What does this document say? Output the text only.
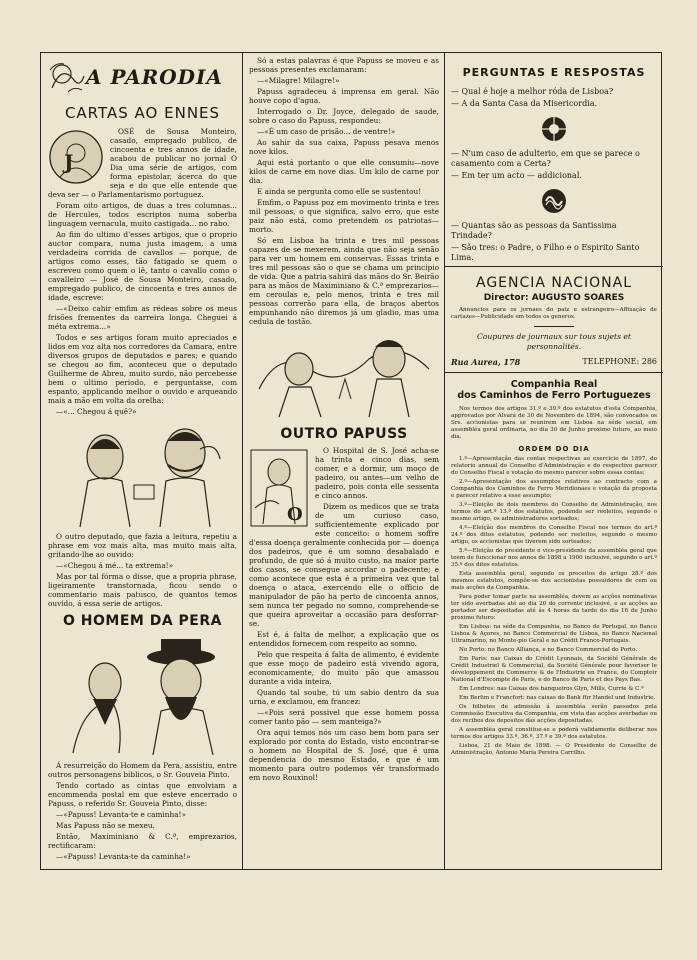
A PARODIA
CARTAS AO ENNES
J

OSÉ de Sousa Monteiro, casado, empregado publico, de cincoenta e tres annos de idade, acabou de publicar no jornal O Dia uma série de artigos, com forma epistolar, ácerca do que seja e do que elle entende que deva ser — o Parlamentarismo portuguez.

Foram oito artigos, de duas a tres columnas... de Hercules, todos escriptos numa soberba linguagem vernacula, muito castigada... no rabo.

Ao fim do ultimo d'esses artigos, que o proprio auctor compara, numa justa imagem, a uma verdadeira corrida de cavallos — porque, de artigos como esses, tão fatigado se quem o escreveu como quem o lê, tanto o cavallo como o cavalleiro — José de Sousa Monteiro, casado, empregado publico, de cincoenta e tres annos de idade, escreve:

—«Deixo cahir emfim as rédeas sobre os meus frisões frementes da carreira longa. Cheguei á méta extrema...»

Todos e ses artigos foram muito apreciados e lidos em voz alta nos corredores da Camara, entre diversos grupos de deputados e pares; e quando se chegou ao fim, aconteceu que o deputado Guilherme de Abreu, muito surdo, não percebesse bem o ultimo periodo, e perguntasse, com espanto, applicando melhor o ouvido e arqueando mais a mão em volta da orelha:

—«... Chegou á quê?»

O outro deputado, que fazia a leitura, repetiu a phrase em voz mais alta, mas muito mais alta, gritando-lhe ao ouvido:

—«Chegou á mé... ta extrema!»

Mas por tal fórma o disse, que a propria phrase, ligeiramente transtornada, ficou sendo o commentario mais patusco, de quantos temos ouvido, á essa serie de artigos.

O HOMEM DA PERA

Á resurreição do Homem da Pera, assistiu, entre outros personagens biblicos, o Sr. Gouveia Pinto.

Tendo cortado as cintas que envolviam a encommenda postal em que esteve encerrado o Papuss, o referido Sr. Gouveia Pinto, disse:

—«Papuss! Levanta-te e caminha!»

Mas Papuss não se mexeu.

Então, Maximiniano & C.ª, emprezarios, rectificaram:

—«Papuss! Levanta-te da caminha!»

Só a estas palavras é que Papuss se moveu e as pessoas presentes exclamaram:

—«Milagre! Milagre!»

Papuss agradeceu á imprensa em geral. Não houve copo d'agua.

Interrogado o Dr. Joyce, delegado de saude, sobre o caso do Papuss, respondeu:

—«É um caso de prisão... de ventre!»

Ao sahir da sua caixa, Papuss pesava menos nove kilos.

Aqui está portanto o que elle consumiu—nove kilos de carne em nove dias. Um kilo de carne por dia.

E ainda se pergunta como elle se sustentou!

Emfim, o Papuss poz em movimento trinta e tres mil pessoas, o que significa, salvo erro, que este paiz não está, como pretendem os patriotas—morto.

Só em Lisboa ha trinta e tres mil pessoas capazes de se mexerem, ainda que não seja senão para ver um homem em conservas. Essas trinta e tres mil pessoas são o que se chama um principio de vida. Que a patria sahirá das mãos do Sr. Beirão para as mãos de Maximiniano & C.ª emprezarios—em ceroulas e, pelo menos, trinta e tres mil pessoas correrão para ella, de braços abertos empunhando não diremos já um gladio, mas uma cedula de tostão.

OUTRO PAPUSS
O

O Hospital de S. José acha-se ha trinta e cinco dias, sem comer, e a dormir, um moço de padeiro, ou antes—um velho de padeiro, pois conta elle sessenta e cinco annos.

Dizem os medicos que se trata de um curioso caso, sufficientemente explicado por este conceito: o homem soffre d'essa doença geralmente conhecida por — doença dos padeiros, que é um somno desabalado e profundo, de que só á muito custo, na maior parte dos casos, se consegue accordar o padecente; e como acontece que esta é a primeira vez que tal doença o ataca, exercendo elle o officio de manipulador de pão ha perto de cincoenta annos, sem nunca ter pegado no somno, comprehende-se que queira aproveitar a occasião para desforrar-se.

Est é, á falta de melhor, a explicação que os entendidos fornecem com respeito ao somno.

Pelo que respeita á falta de alimento, é evidente que esse moço de padeiro está vivendo agora, economicamente, do muito pão que amassou durante a vida inteira.

Quando tal soube, tú um sabio dentro da sua urna, e exclamou, em francez:

—«Pois será possivel que esse homem possa comer tanto pão — sem manteiga?»

Ora aqui temos nós um caso bem bom para ser explorado por conta do Estado, visto encontrar-se o homem no Hospital de S. José, que é uma dependencia do mesmo Estado, e que é um momento para outro podemos vêr transformado em novo Rouxinol!

PERGUNTAS E RESPOSTAS
— Qual é hoje a melhor róda de Lisboa?
— A da Santa Casa da Misericordia.
— N'um caso de adulterio, em que se parece o casamento com a Certa?
— Em ter um acto — addicional.
— Quantas são as pessoas da Santissima Trindade?
— São tres: o Padre, o Filho e o Espirito Santo Lima.
AGENCIA NACIONAL
Director: AUGUSTO SOARES

Annuncios para os jornaes do paiz e estrangeiro—Affixação de cartazes—Publicidade em todos os generos.

Coupures de journaux sur tous sujets et personnalités.
Rua Aurea, 178	TELEPHONE: 286
Companhia Real
dos Caminhos de Ferro Portuguezes

Nos termos dos artigos 31.º e 39.º dos estatutos d'esta Companhia, approvados por Alvará de 30 de Novembro de 1894, são convocados os Srs. accionistas para se reunirem em Lisboa na séde social, em assembléa geral ordinaria, no dia 30 de Junho proximo futuro, ao meio dia.

ORDEM DO DIA

1.º—Apresentação das contas respectivas ao exercicio de 1897, do relatorio annual do Conselho d'Administração e do respectivo parecer do Conselho Fiscal e votação do mesmo parecer sobre essas contas;

2.º—Apresentação dos assumptos relativos ao contracto com a Companhia dos Caminhos de Ferro Meridionaes e votação da proposta e parecer relativo a esse assumpto;

3.º—Eleição de dois membros do Conselho de Administração, nos termos do art.º 13.º dos estatutos, podendo ser reeleitos, segundo o mesmo artigo, os administradores sorteados;

4.º—Eleição dos membros do Conselho Fiscal nos termos do art.º 24.º dos ditos estatutos, podendo ser reeleitos, segundo o mesmo artigo, os accionistas que tiverem sido sorteados;

5.º—Eleição do presidente e vice-presidente da assembléa geral que teem de funccionar nos annos de 1898 a 1900 inclusivé, segundo o art.º 35.º dos ditos estatutos.

Esta assembléa geral, segundo os preceitos do artigo 28.º dos mesmos estatutos, compõe-se dos accionistas possuidores de cem ou mais acções da Companhia.

Para poder tomar parte na assembléa, devem as acções nominativas ter sido averbadas até ao dia 20 do corrente inclusivé, e as acções ao portador ser depositadas até ás 4 horas da tarde do dia 16 de Junho proximo futuro:

Em Lisboa: na séde da Companhia, no Banco de Portugal, no Banco Lisboa & Açores, no Banco Commercial de Lisboa, no Banco Nacional Ultramarino, no Monte-pio Geral e no Crédit Franco-Portugais.

No Porto: no Banco Alliança, e no Banco Commercial do Porto.

Em Paris: nas Caixas do Crédit Lyonnais, da Société Générale de Crédit Industriel & Commercial, da Société Générale pour favoriser le développement du Commerce & de l'Industrie en France, do Comptoir National d'Escompte de Paris, e do Banco de Paris et des Pays Bas.

Em Londres: nas Caixas dos banqueiros Glyn, Mills, Currie & C.ª

Em Berlim e Francfort: nas caixas do Bank für Handel und Industrie.

Os bilhetes de admissão á assembléa serão passados pela Commissão Executiva da Companhia, em vista das acções averbadas ou dos recibos dos depositos das acções depositadas.

A assembléa geral constitue-se e poderá validamente deliberar nos termos dos artigos 33.º, 36.º, 37.º e 39.º dos estatutos.

Lisboa, 21 de Maio de 1898. — O Presidente do Conselho de Administração, Antonio Maria Pereira Carrilho.
